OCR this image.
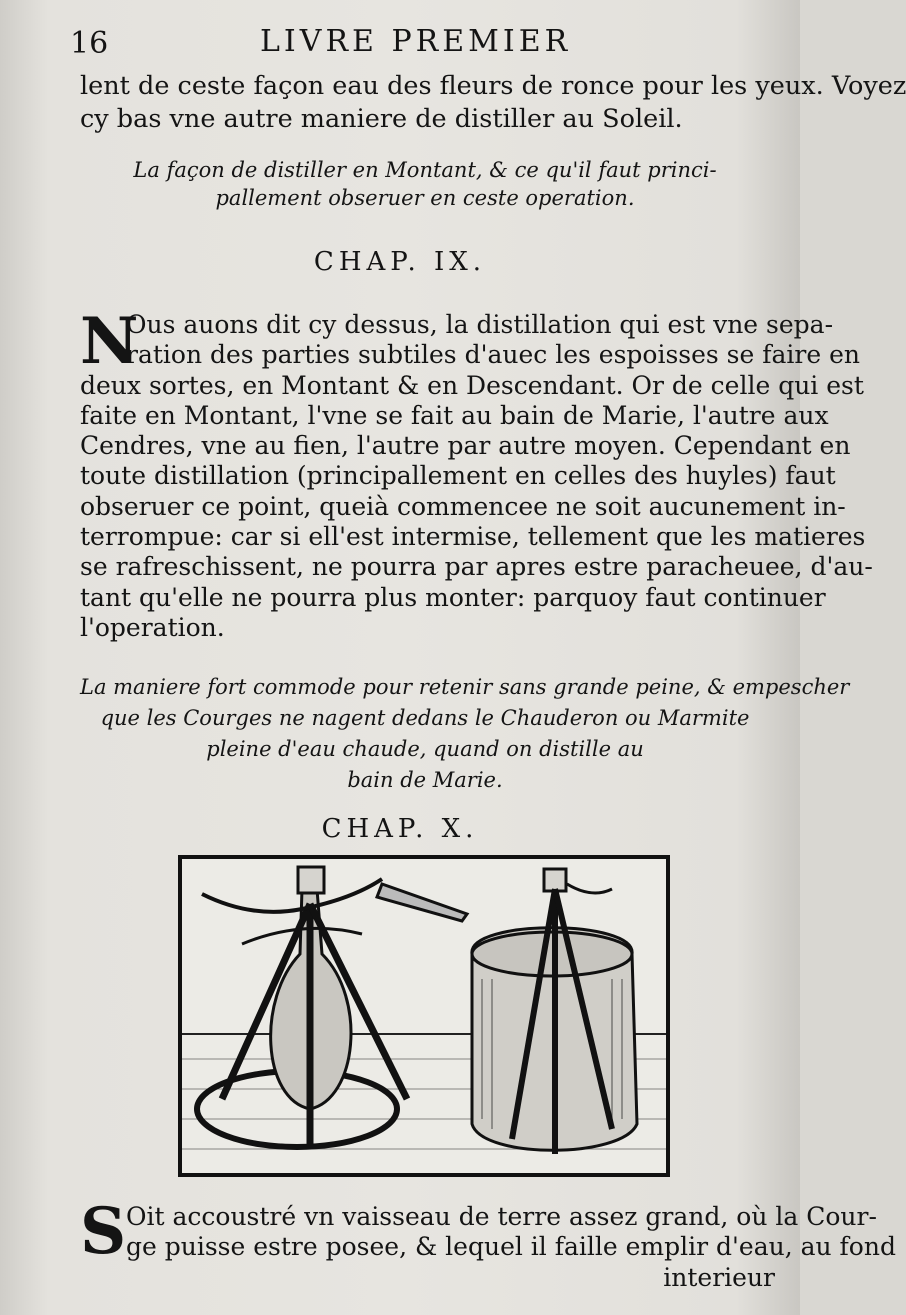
16	LIVRE PREMIER
lent de ceste façon eau des fleurs de ronce pour les yeux. Voyez
cy bas vne autre maniere de distiller au Soleil.
La façon de distiller en Montant, & ce qu'il faut princi-
pallement obseruer en ceste operation.
CHAP. IX.
N
Ous auons dit cy dessus, la distillation qui est vne sepa-
ration des parties subtiles d'auec les espoisses se faire en
deux sortes, en Montant & en Descendant. Or de celle qui est
faite en Montant, l'vne se fait au bain de Marie, l'autre aux
Cendres, vne au fien, l'autre par autre moyen. Cependant en
toute distillation (principallement en celles des huyles) faut
obseruer ce point, queià commencee ne soit aucunement in-
terrompue: car si ell'est intermise, tellement que les matieres
se rafreschissent, ne pourra par apres estre paracheuee, d'au-
tant qu'elle ne pourra plus monter: parquoy faut continuer
l'operation.
La maniere fort commode pour retenir sans grande peine, & empescher
que les Courges ne nagent dedans le Chauderon ou Marmite
pleine d'eau chaude, quand on distille au
bain de Marie.
CHAP. X.
S Oit accoustré vn vaisseau de terre assez grand, où la Cour-
ge puisse estre posee, & lequel il faille emplir d'eau, au fond
interieur
